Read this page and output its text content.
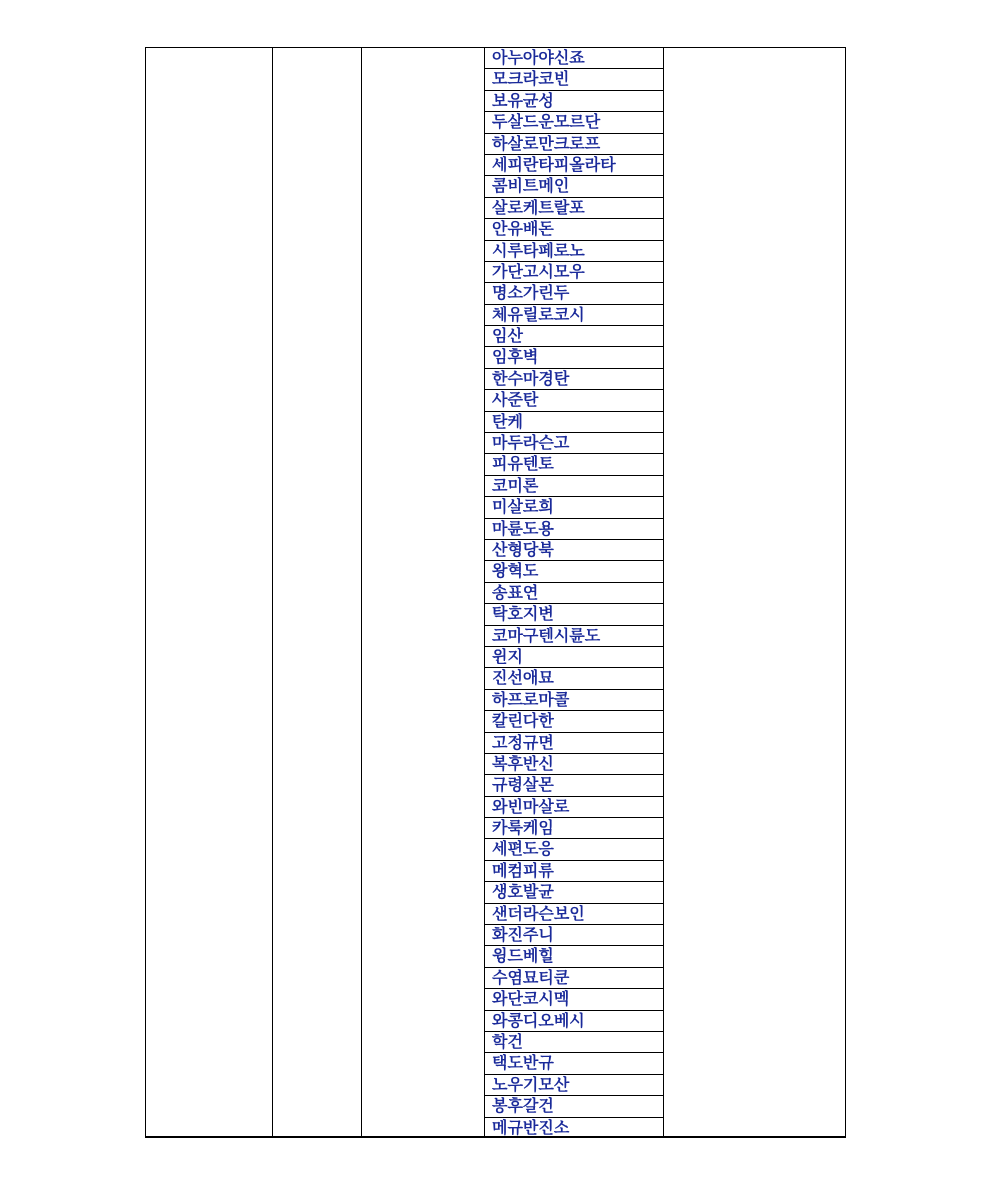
아누아야신죠
모크라코빈
보유균성
두살드운모르단
하살로만크로프
세피란타피올라타
콤비트메인
살로케트랄포
안유배돈
시루타페로노
가단고시모우
명소가린두
체유릴로코시
임산
임후벽
한수마경탄
사준탄
탄케
마두라슨고
피유텐토
코미론
미살로희
마륜도용
산형당북
왕혁도
송표연
탁호지변
코마구텐시륜도
윈지
진선애묘
하프로마콜
칼린다한
고정규면
복후반신
규령살몬
와빈마살로
카룩케임
세편도응
메컴피류
생호발균
샌더라슨보인
화진주니
윙드베힐
수염묘티쿤
와단코시멕
와콩디오베시
학건
택도반규
노우기모산
봉후갈건
메규반진소
